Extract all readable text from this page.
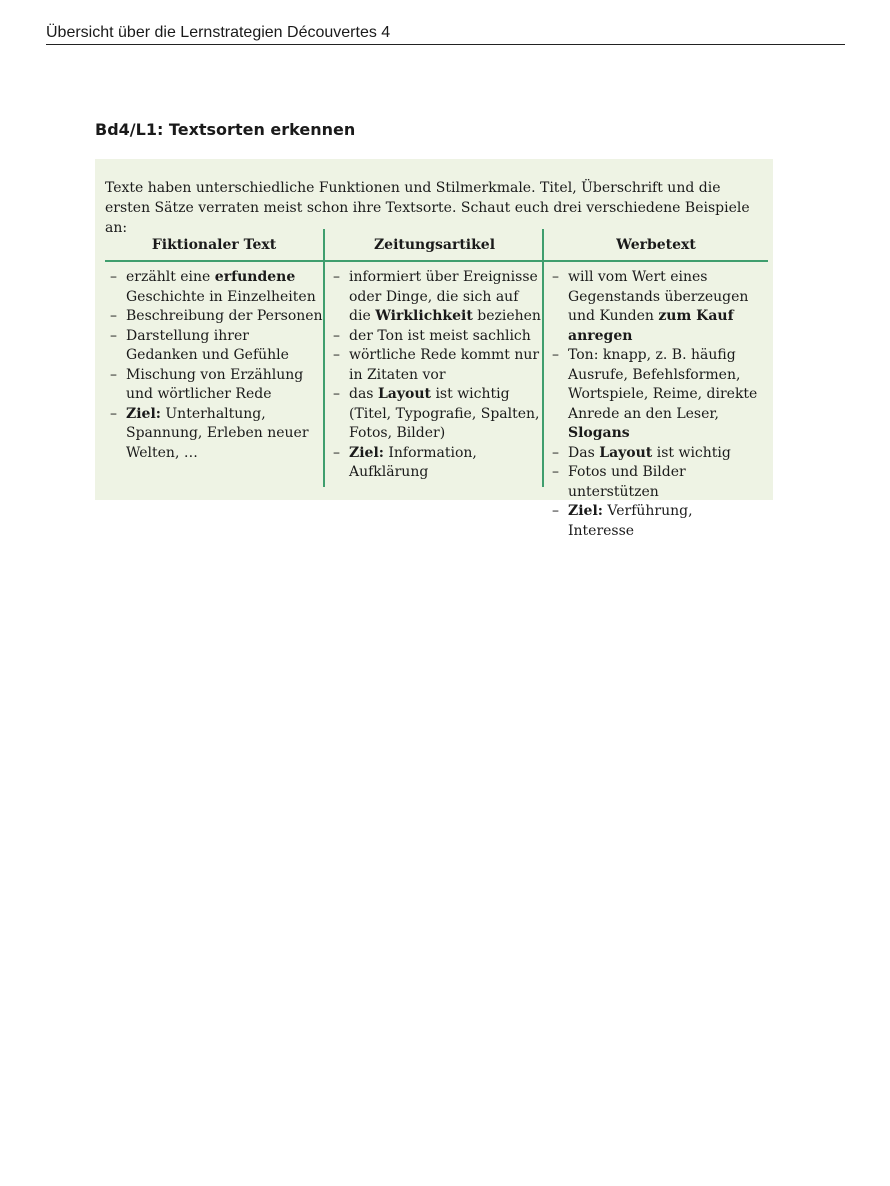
Übersicht über die Lernstrategien Découvertes 4
Bd4/L1: Textsorten erkennen
Texte haben unterschiedliche Funktionen und Stilmerkmale. Titel, Überschrift und die ersten Sätze verraten meist schon ihre Textsorte. Schaut euch drei verschiedene Beispiele an:
Fiktionaler Text
– erzählt eine erfundene Geschichte in Einzelheiten
– Beschreibung der Personen
– Darstellung ihrer Gedanken und Gefühle
– Mischung von Erzählung und wörtlicher Rede
– Ziel: Unterhaltung, Spannung, Erleben neuer Welten, …
Zeitungsartikel
– informiert über Ereignisse oder Dinge, die sich auf die Wirklichkeit beziehen
– der Ton ist meist sachlich
– wörtliche Rede kommt nur in Zitaten vor
– das Layout ist wichtig (Titel, Typografie, Spalten, Fotos, Bilder)
– Ziel: Information, Aufklärung
Werbetext
– will vom Wert eines Gegenstands überzeugen und Kunden zum Kauf anregen
– Ton: knapp, z. B. häufig Ausrufe, Befehlsformen, Wortspiele, Reime, direkte Anrede an den Leser, Slogans
– Das Layout ist wichtig
– Fotos und Bilder unterstützen
– Ziel: Verführung, Interesse
